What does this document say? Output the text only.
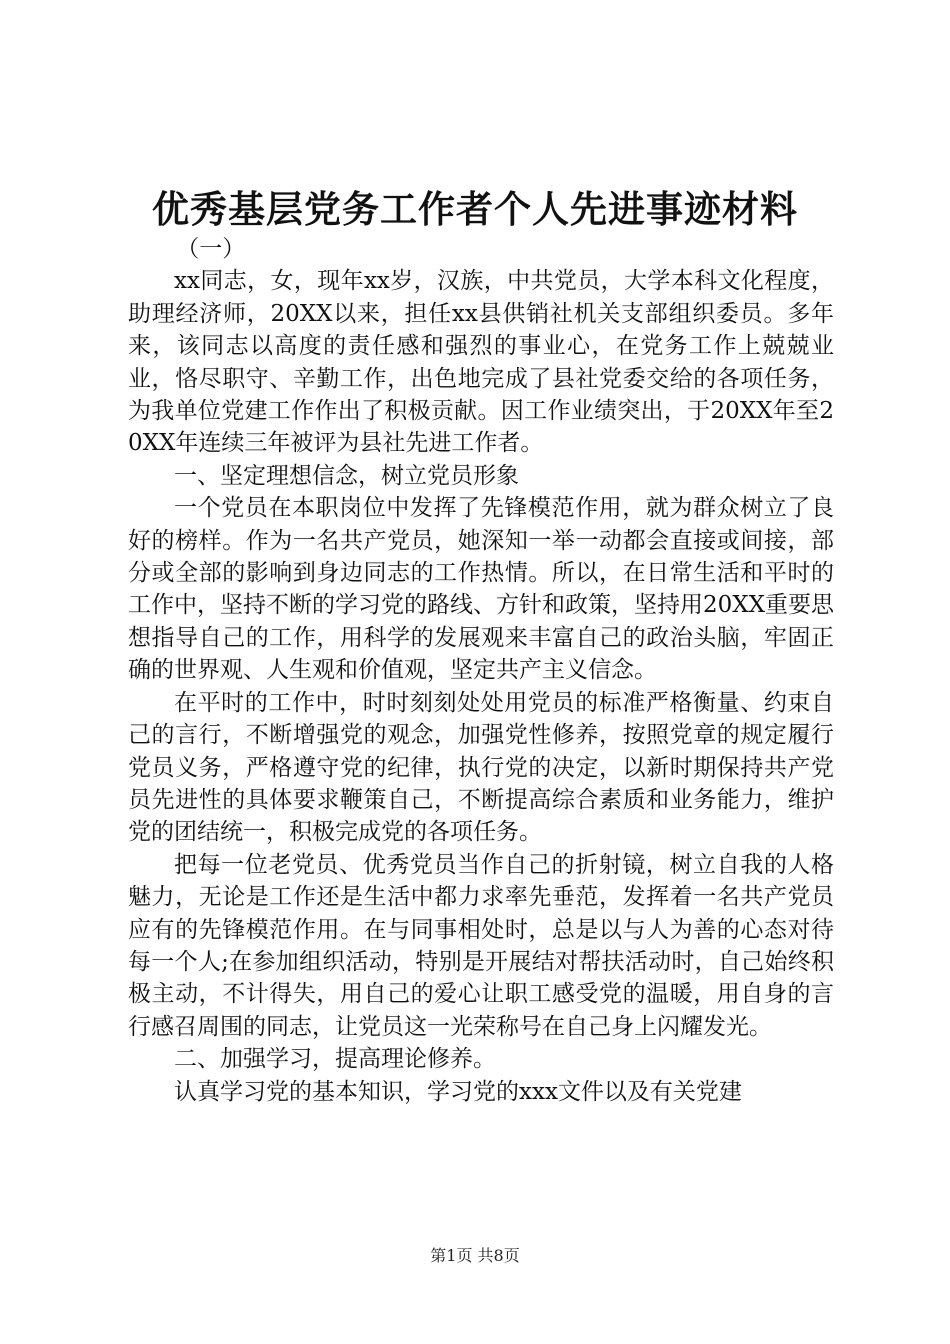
优秀基层党务工作者个人先进事迹材料

（一）

xx同志，女，现年xx岁，汉族，中共党员，大学本科文化程度，助理经济师，20XX以来，担任xx县供销社机关支部组织委员。多年来，该同志以高度的责任感和强烈的事业心，在党务工作上兢兢业业，恪尽职守、辛勤工作，出色地完成了县社党委交给的各项任务，为我单位党建工作作出了积极贡献。因工作业绩突出，于20XX年至20XX年连续三年被评为县社先进工作者。

一、坚定理想信念，树立党员形象

一个党员在本职岗位中发挥了先锋模范作用，就为群众树立了良好的榜样。作为一名共产党员，她深知一举一动都会直接或间接，部分或全部的影响到身边同志的工作热情。所以，在日常生活和平时的工作中，坚持不断的学习党的路线、方针和政策，坚持用20XX重要思想指导自己的工作，用科学的发展观来丰富自己的政治头脑，牢固正确的世界观、人生观和价值观，坚定共产主义信念。

在平时的工作中，时时刻刻处处用党员的标准严格衡量、约束自己的言行，不断增强党的观念，加强党性修养，按照党章的规定履行党员义务，严格遵守党的纪律，执行党的决定，以新时期保持共产党员先进性的具体要求鞭策自己，不断提高综合素质和业务能力，维护党的团结统一，积极完成党的各项任务。

把每一位老党员、优秀党员当作自己的折射镜，树立自我的人格魅力，无论是工作还是生活中都力求率先垂范，发挥着一名共产党员应有的先锋模范作用。在与同事相处时，总是以与人为善的心态对待每一个人;在参加组织活动，特别是开展结对帮扶活动时，自己始终积极主动，不计得失，用自己的爱心让职工感受党的温暖，用自身的言行感召周围的同志，让党员这一光荣称号在自己身上闪耀发光。

二、加强学习，提高理论修养。

认真学习党的基本知识，学习党的xxx文件以及有关党建

第1页 共8页
